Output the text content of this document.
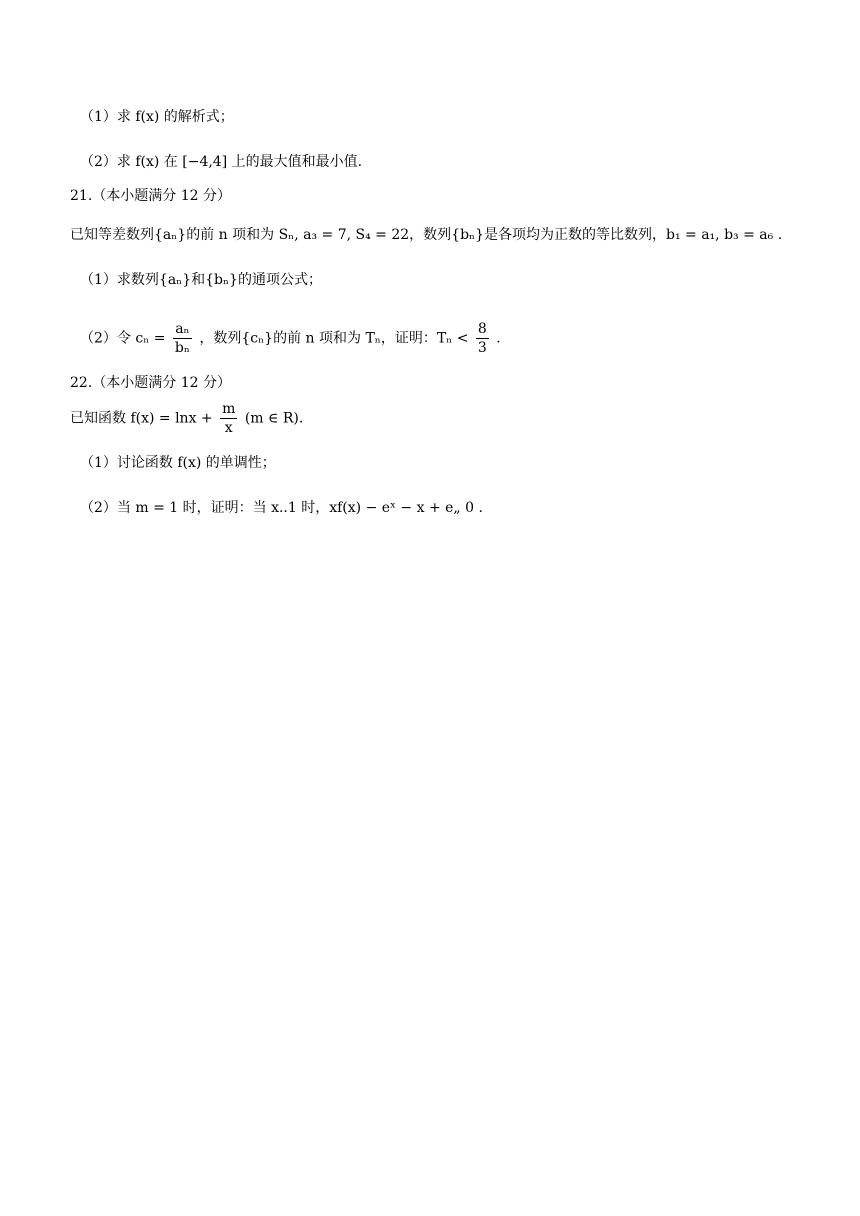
（1）求 f(x) 的解析式；
（2）求 f(x) 在 [−4,4] 上的最大值和最小值.
21.（本小题满分 12 分）
已知等差数列{aₙ}的前 n 项和为 Sₙ, a₃ = 7, S₄ = 22，数列{bₙ}是各项均为正数的等比数列，b₁ = a₁, b₃ = a₆ .
（1）求数列{aₙ}和{bₙ}的通项公式；
（2）令 $c_n = \frac{\text{aₙ}}{\text{bₙ}}$ ，数列{cₙ}的前 n 项和为 Tₙ，证明：$T_n < \frac{8}{3}$ .
22.（本小题满分 12 分）
已知函数 $f(x) = \ln x + \frac{m}{x} (m$ ∈ R).
（1）讨论函数 f(x) 的单调性；
（2）当 m = 1 时，证明：当 x..1 时，xf(x) − eˣ − x + e„ 0 .
